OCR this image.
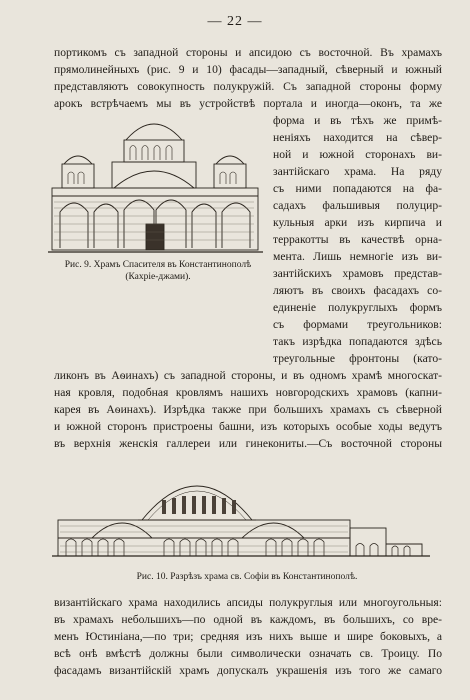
— 22 —
портикомъ съ западной стороны и апсидою съ восточной. Въ храмахъ
прямолинейныхъ (рис. 9 и 10) фасады—западный, сѣверный и южный
представляютъ совокупность полукружій. Съ западной стороны форму
арокъ встрѣчаемъ мы въ устройствѣ портала и иногда—оконъ, та же
форма и въ тѣхъ же примѣ-
неніяхъ находится на сѣвер-
ной и южной сторонахъ ви-
зантійскаго храма. На ряду
съ ними попадаются на фа-
садахъ фальшивыя полуцир-
кульныя арки изъ кирпича и
терракотты въ качествѣ орна-
мента. Лишь немногіе изъ ви-
зантійскихъ храмовъ представ-
ляютъ въ своихъ фасадахъ со-
единеніе полукруглыхъ формъ
съ формами треугольников:
такъ изрѣдка попадаются здѣсь
треугольные фронтоны (като-
Рис. 9. Храмъ Спасителя въ Константинополѣ
(Кахріе-джами).
ликонъ въ Аѳинахъ) съ западной стороны, и въ одномъ храмѣ многоскат-
ная кровля, подобная кровлямъ нашихъ новгородскихъ храмовъ (капни-
карея въ Аѳинахъ). Изрѣдка также при большихъ храмахъ съ сѣверной
и южной сторонъ пристроены башни, изъ которыхъ особые ходы ведутъ
въ верхнія женскія галлереи или гинекониты.—Съ восточной стороны
Рис. 10. Разрѣзъ храма св. Софіи въ Константинополѣ.
византійскаго храма находились апсиды полукруглыя или многоугольныя:
въ храмахъ небольшихъ—по одной въ каждомъ, въ большихъ, со вре-
менъ Юстиніана,—по три; средняя изъ нихъ выше и шире боковыхъ, а
всѣ онѣ вмѣстѣ должны были символически означать св. Троицу. По
фасадамъ византійскій храмъ допускалъ украшенія изъ того же самаго
